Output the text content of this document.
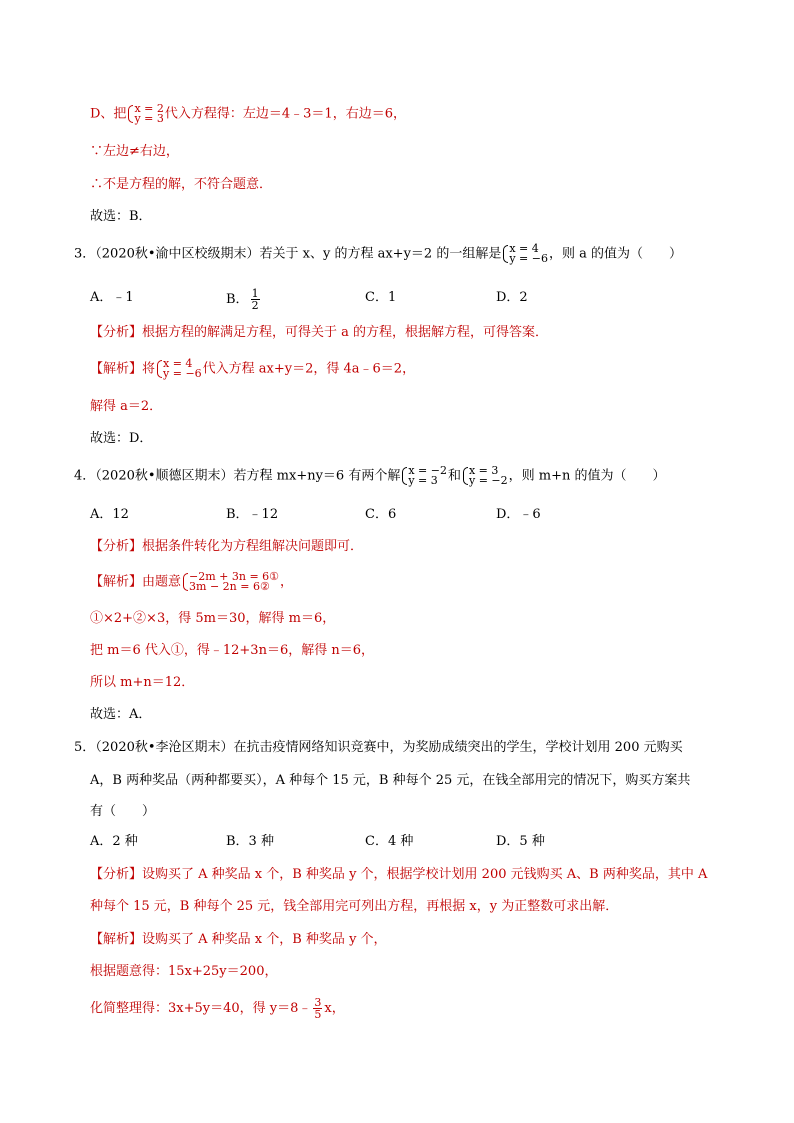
D、把 x = 2
y = 3 代入方程得：左边＝4﹣3＝1，右边＝6，
∵左边≠右边，
∴不是方程的解，不符合题意．
故选：B．
3．（2020秋•渝中区校级期末）若关于 x、y 的方程 ax+y＝2 的一组解是 x = 4
y = −6 ，则 a 的值为（　　）
A．﹣1	B． $\frac{1}{2}$	C．1	D．2
【分析】根据方程的解满足方程，可得关于 a 的方程，根据解方程，可得答案．
【解析】将 x = 4
y = −6 代入方程 ax+y＝2，得 4a﹣6＝2，
解得 a＝2．
故选：D．
4．（2020秋•顺德区期末）若方程 mx+ny＝6 有两个解 x = −2
y = 3 和 x = 3
y = −2 ，则 m+n 的值为（　　）
A．12	B．﹣12	C．6	D．﹣6
【分析】根据条件转化为方程组解决问题即可．
【解析】由题意 −2m + 3n = 6①
3m − 2n = 6② ，
①×2+②×3，得 5m＝30，解得 m＝6，
把 m＝6 代入①，得﹣12+3n＝6，解得 n＝6，
所以 m+n＝12．
故选：A．
5．（2020秋•李沧区期末）在抗击疫情网络知识竞赛中，为奖励成绩突出的学生，学校计划用 200 元购买
A，B 两种奖品（两种都要买），A 种每个 15 元，B 种每个 25 元，在钱全部用完的情况下，购买方案共
有（　　）
A．2 种	B．3 种	C．4 种	D．5 种
【分析】设购买了 A 种奖品 x 个，B 种奖品 y 个，根据学校计划用 200 元钱购买 A、B 两种奖品，其中 A
种每个 15 元，B 种每个 25 元，钱全部用完可列出方程，再根据 x，y 为正整数可求出解．
【解析】设购买了 A 种奖品 x 个，B 种奖品 y 个，
根据题意得：15x+25y＝200，
化简整理得：3x+5y＝40，得 y＝8﹣ $\frac{3}{5}$ x，
